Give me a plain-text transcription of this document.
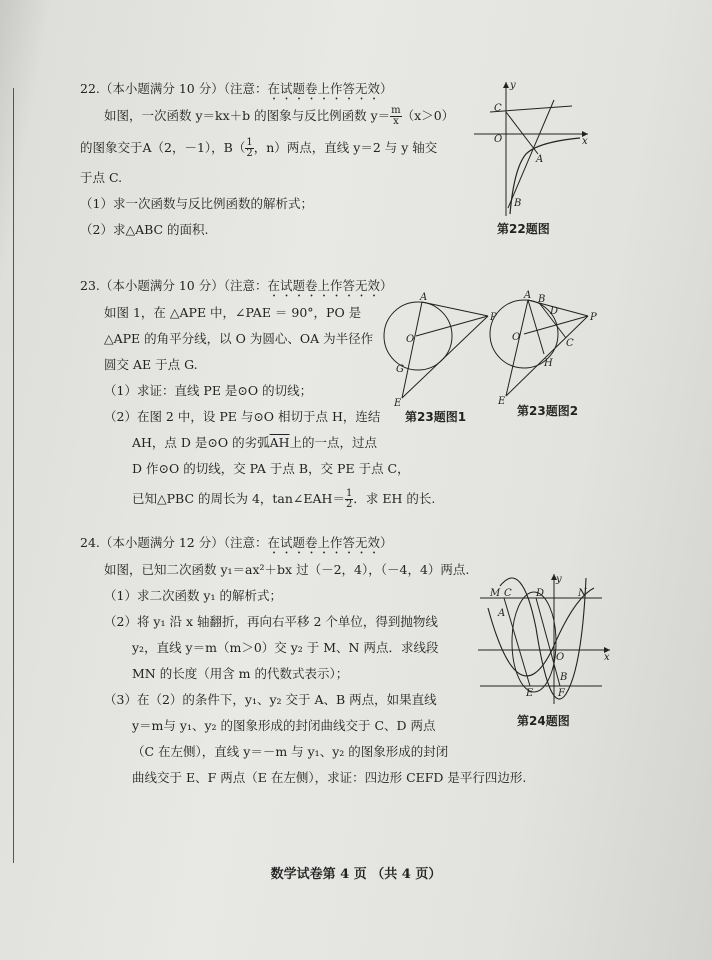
22.（本小题满分 10 分）（注意：在试题卷上作答无效）
如图，一次函数 y＝kx＋b 的图象与反比例函数 $y= \frac{m}{x} (x>0)$
的图象交于A（2，－1），$B( \frac{1}{2}$ ，n）两点，直线 y＝2 与 y 轴交
于点 C.
（1）求一次函数与反比例函数的解析式；
（2）求△ABC 的面积.
y
x
C
O
A
B
第22题图
23.（本小题满分 10 分）（注意：在试题卷上作答无效）
如图 1，在 △APE 中，∠PAE ＝ 90°，PO 是
△APE 的角平分线，以 O 为圆心、OA 为半径作
圆交 AE 于点 G.
（1）求证：直线 PE 是⊙O 的切线；
（2）在图 2 中，设 PE 与⊙O 相切于点 H，连结
AH，点 D 是⊙O 的劣弧$\overline{AH}$上的一点，过点
D 作⊙O 的切线，交 PA 于点 B，交 PE 于点 C，
已知△PBC 的周长为 4，tan∠EAH＝ $\frac{1}{2}$ ．求 EH 的长.
A
P
O
G
E
第23题图1
A B
D
P
O
C
H
E
第23题图2
24.（本小题满分 12 分）（注意：在试题卷上作答无效）
如图，已知二次函数 y₁＝ax²＋bx 过（－2，4），（－4，4）两点.
（1）求二次函数 y₁ 的解析式；
（2）将 y₁ 沿 x 轴翻折，再向右平移 2 个单位，得到抛物线
y₂，直线 y＝m（m＞0）交 y₂ 于 M、N 两点．求线段
MN 的长度（用含 m 的代数式表示）；
（3）在（2）的条件下，y₁、y₂ 交于 A、B 两点，如果直线
y＝m与 y₁、y₂ 的图象形成的封闭曲线交于 C、D 两点
（C 在左侧），直线 y＝－m 与 y₁、y₂ 的图象形成的封闭
曲线交于 E、F 两点（E 在左侧），求证：四边形 CEFD 是平行四边形.
y
x
M C D	N
A
O
E F
B
第24题图
数学试卷第 4 页 （共 4 页）
